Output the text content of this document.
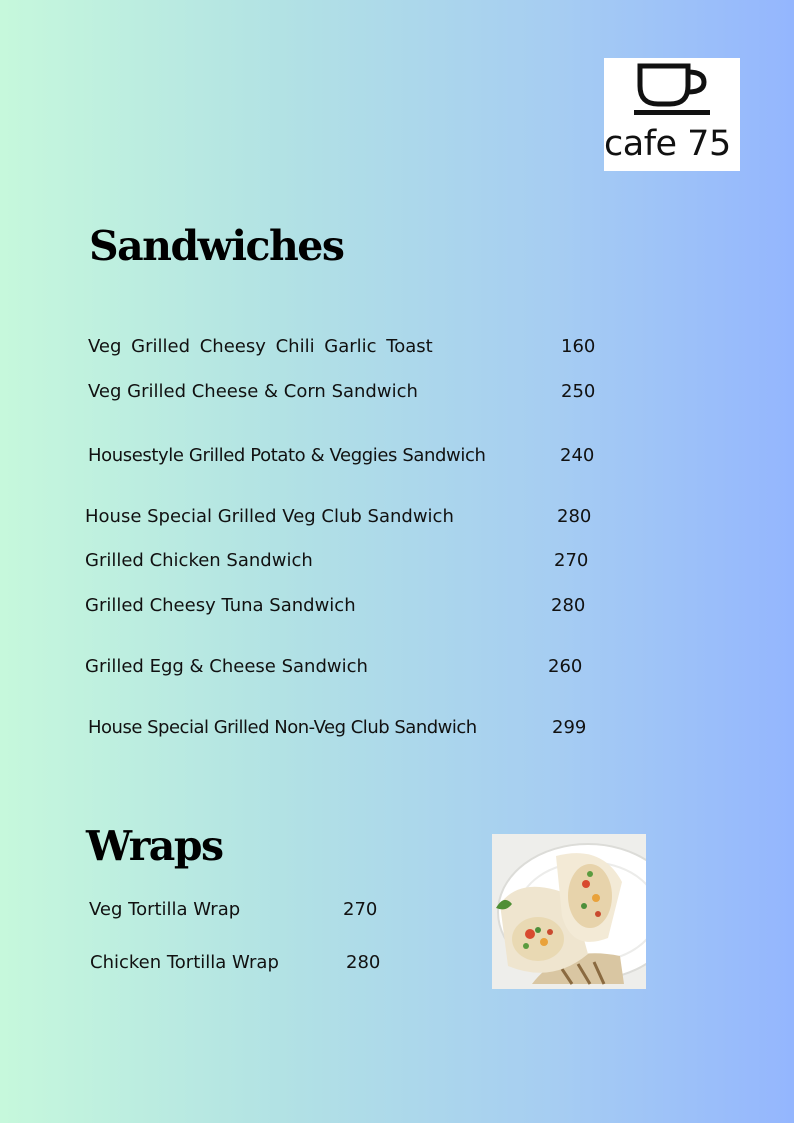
cafe 75
Sandwiches
Veg Grilled Cheesy Chili Garlic Toast	160
Veg Grilled Cheese & Corn Sandwich	250
Housestyle Grilled Potato & Veggies Sandwich	240
House Special Grilled Veg Club Sandwich	280
Grilled Chicken Sandwich	270
Grilled Cheesy Tuna Sandwich	280
Grilled Egg & Cheese Sandwich	260
House Special Grilled Non-Veg Club Sandwich	299
Wraps
Veg Tortilla Wrap	270
Chicken Tortilla Wrap	280
